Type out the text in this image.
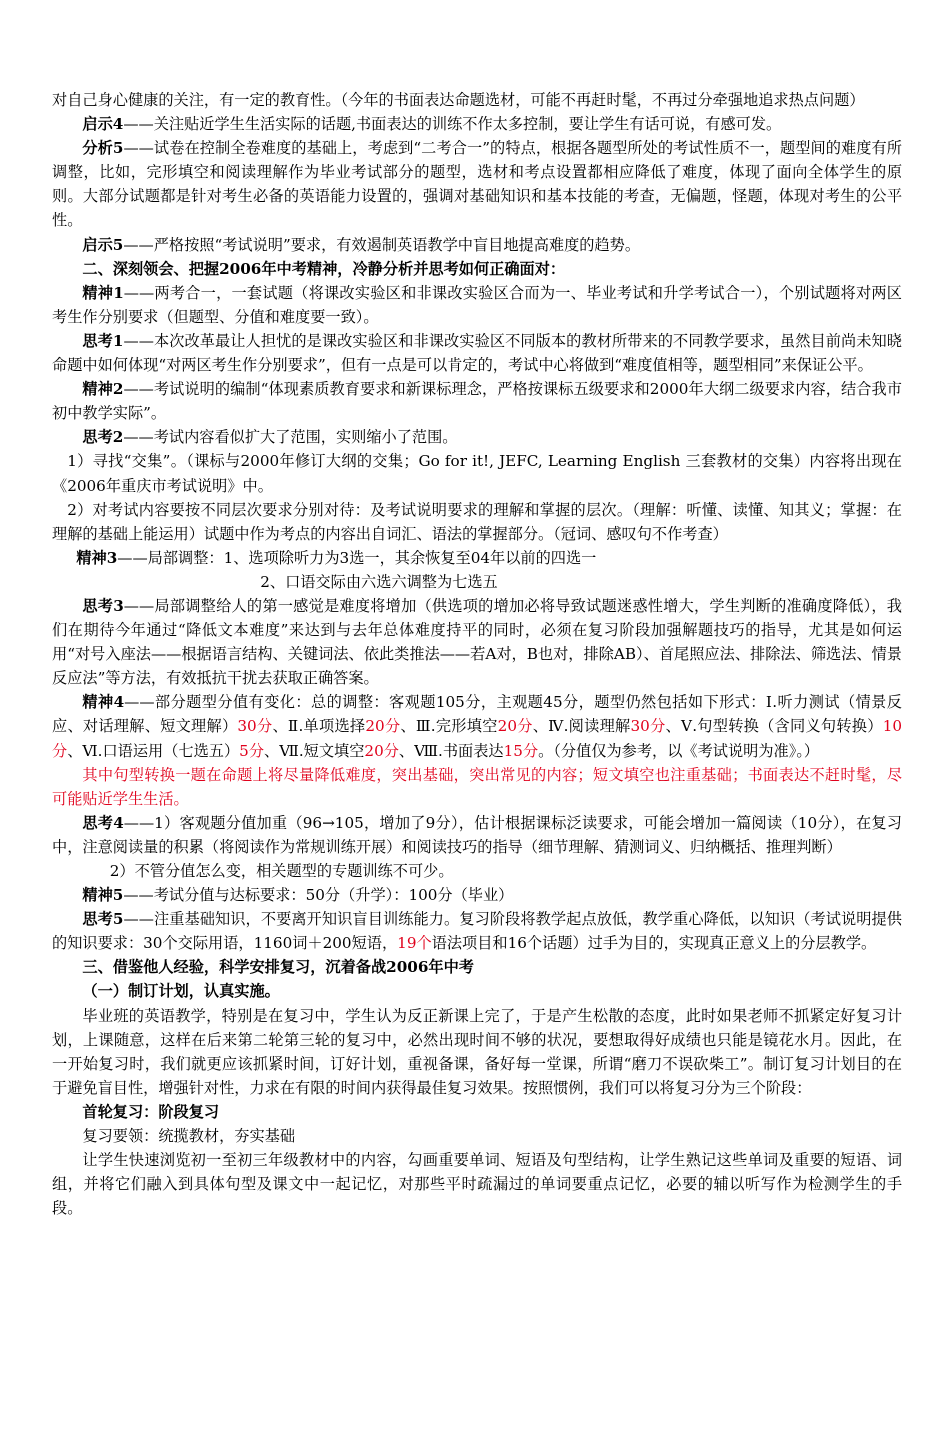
对自己身心健康的关注，有一定的教育性。（今年的书面表达命题选材，可能不再赶时髦，不再过分牵强地追求热点问题）

启示4——关注贴近学生生活实际的话题,书面表达的训练不作太多控制，要让学生有话可说，有感可发。

分析5——试卷在控制全卷难度的基础上，考虑到“二考合一”的特点，根据各题型所处的考试性质不一，题型间的难度有所调整，比如，完形填空和阅读理解作为毕业考试部分的题型，选材和考点设置都相应降低了难度，体现了面向全体学生的原则。大部分试题都是针对考生必备的英语能力设置的，强调对基础知识和基本技能的考查，无偏题，怪题，体现对考生的公平性。

启示5——严格按照“考试说明”要求，有效遏制英语教学中盲目地提高难度的趋势。

二、深刻领会、把握2006年中考精神，冷静分析并思考如何正确面对：

精神1——两考合一，一套试题（将课改实验区和非课改实验区合而为一、毕业考试和升学考试合一），个别试题将对两区考生作分别要求（但题型、分值和难度要一致）。

思考1——本次改革最让人担忧的是课改实验区和非课改实验区不同版本的教材所带来的不同教学要求，虽然目前尚未知晓命题中如何体现“对两区考生作分别要求”，但有一点是可以肯定的，考试中心将做到“难度值相等，题型相同”来保证公平。

精神2——考试说明的编制“体现素质教育要求和新课标理念，严格按课标五级要求和2000年大纲二级要求内容，结合我市初中教学实际”。

思考2——考试内容看似扩大了范围，实则缩小了范围。

1）寻找“交集”。（课标与2000年修订大纲的交集；Go for it!, JEFC, Learning English 三套教材的交集）内容将出现在《2006年重庆市考试说明》中。

2）对考试内容要按不同层次要求分别对待：及考试说明要求的理解和掌握的层次。（理解：听懂、读懂、知其义；掌握：在理解的基础上能运用）试题中作为考点的内容出自词汇、语法的掌握部分。（冠词、感叹句不作考查）

精神3——局部调整：1、选项除听力为3选一，其余恢复至04年以前的四选一

2、口语交际由六选六调整为七选五

思考3——局部调整给人的第一感觉是难度将增加（供选项的增加必将导致试题迷惑性增大，学生判断的准确度降低），我们在期待今年通过“降低文本难度”来达到与去年总体难度持平的同时，必须在复习阶段加强解题技巧的指导，尤其是如何运用“对号入座法——根据语言结构、关键词法、依此类推法——若A对，B也对，排除AB）、首尾照应法、排除法、筛选法、情景反应法”等方法，有效抵抗干扰去获取正确答案。

精神4——部分题型分值有变化：总的调整：客观题105分，主观题45分，题型仍然包括如下形式：Ⅰ.听力测试（情景反应、对话理解、短文理解）30分、Ⅱ.单项选择20分、Ⅲ.完形填空20分、Ⅳ.阅读理解30分、Ⅴ.句型转换（含同义句转换）10分、Ⅵ.口语运用（七选五）5分、Ⅶ.短文填空20分、Ⅷ.书面表达15分。（分值仅为参考，以《考试说明为准》。）

其中句型转换一题在命题上将尽量降低难度，突出基础，突出常见的内容；短文填空也注重基础；书面表达不赶时髦，尽可能贴近学生生活。

思考4——1）客观题分值加重（96→105，增加了9分），估计根据课标泛读要求，可能会增加一篇阅读（10分），在复习中，注意阅读量的积累（将阅读作为常规训练开展）和阅读技巧的指导（细节理解、猜测词义、归纳概括、推理判断）

2）不管分值怎么变，相关题型的专题训练不可少。

精神5——考试分值与达标要求：50分（升学）：100分（毕业）

思考5——注重基础知识，不要离开知识盲目训练能力。复习阶段将教学起点放低，教学重心降低，以知识（考试说明提供的知识要求：30个交际用语，1160词＋200短语，19个语法项目和16个话题）过手为目的，实现真正意义上的分层教学。

三、借鉴他人经验，科学安排复习，沉着备战2006年中考

（一）制订计划，认真实施。

毕业班的英语教学，特别是在复习中，学生认为反正新课上完了，于是产生松散的态度，此时如果老师不抓紧定好复习计划，上课随意，这样在后来第二轮第三轮的复习中，必然出现时间不够的状况，要想取得好成绩也只能是镜花水月。因此，在一开始复习时，我们就更应该抓紧时间，订好计划，重视备课，备好每一堂课，所谓“磨刀不误砍柴工”。制订复习计划目的在于避免盲目性，增强针对性，力求在有限的时间内获得最佳复习效果。按照惯例，我们可以将复习分为三个阶段：

首轮复习：阶段复习

复习要领：统揽教材，夯实基础

让学生快速浏览初一至初三年级教材中的内容，勾画重要单词、短语及句型结构，让学生熟记这些单词及重要的短语、词组，并将它们融入到具体句型及课文中一起记忆，对那些平时疏漏过的单词要重点记忆，必要的辅以听写作为检测学生的手段。
